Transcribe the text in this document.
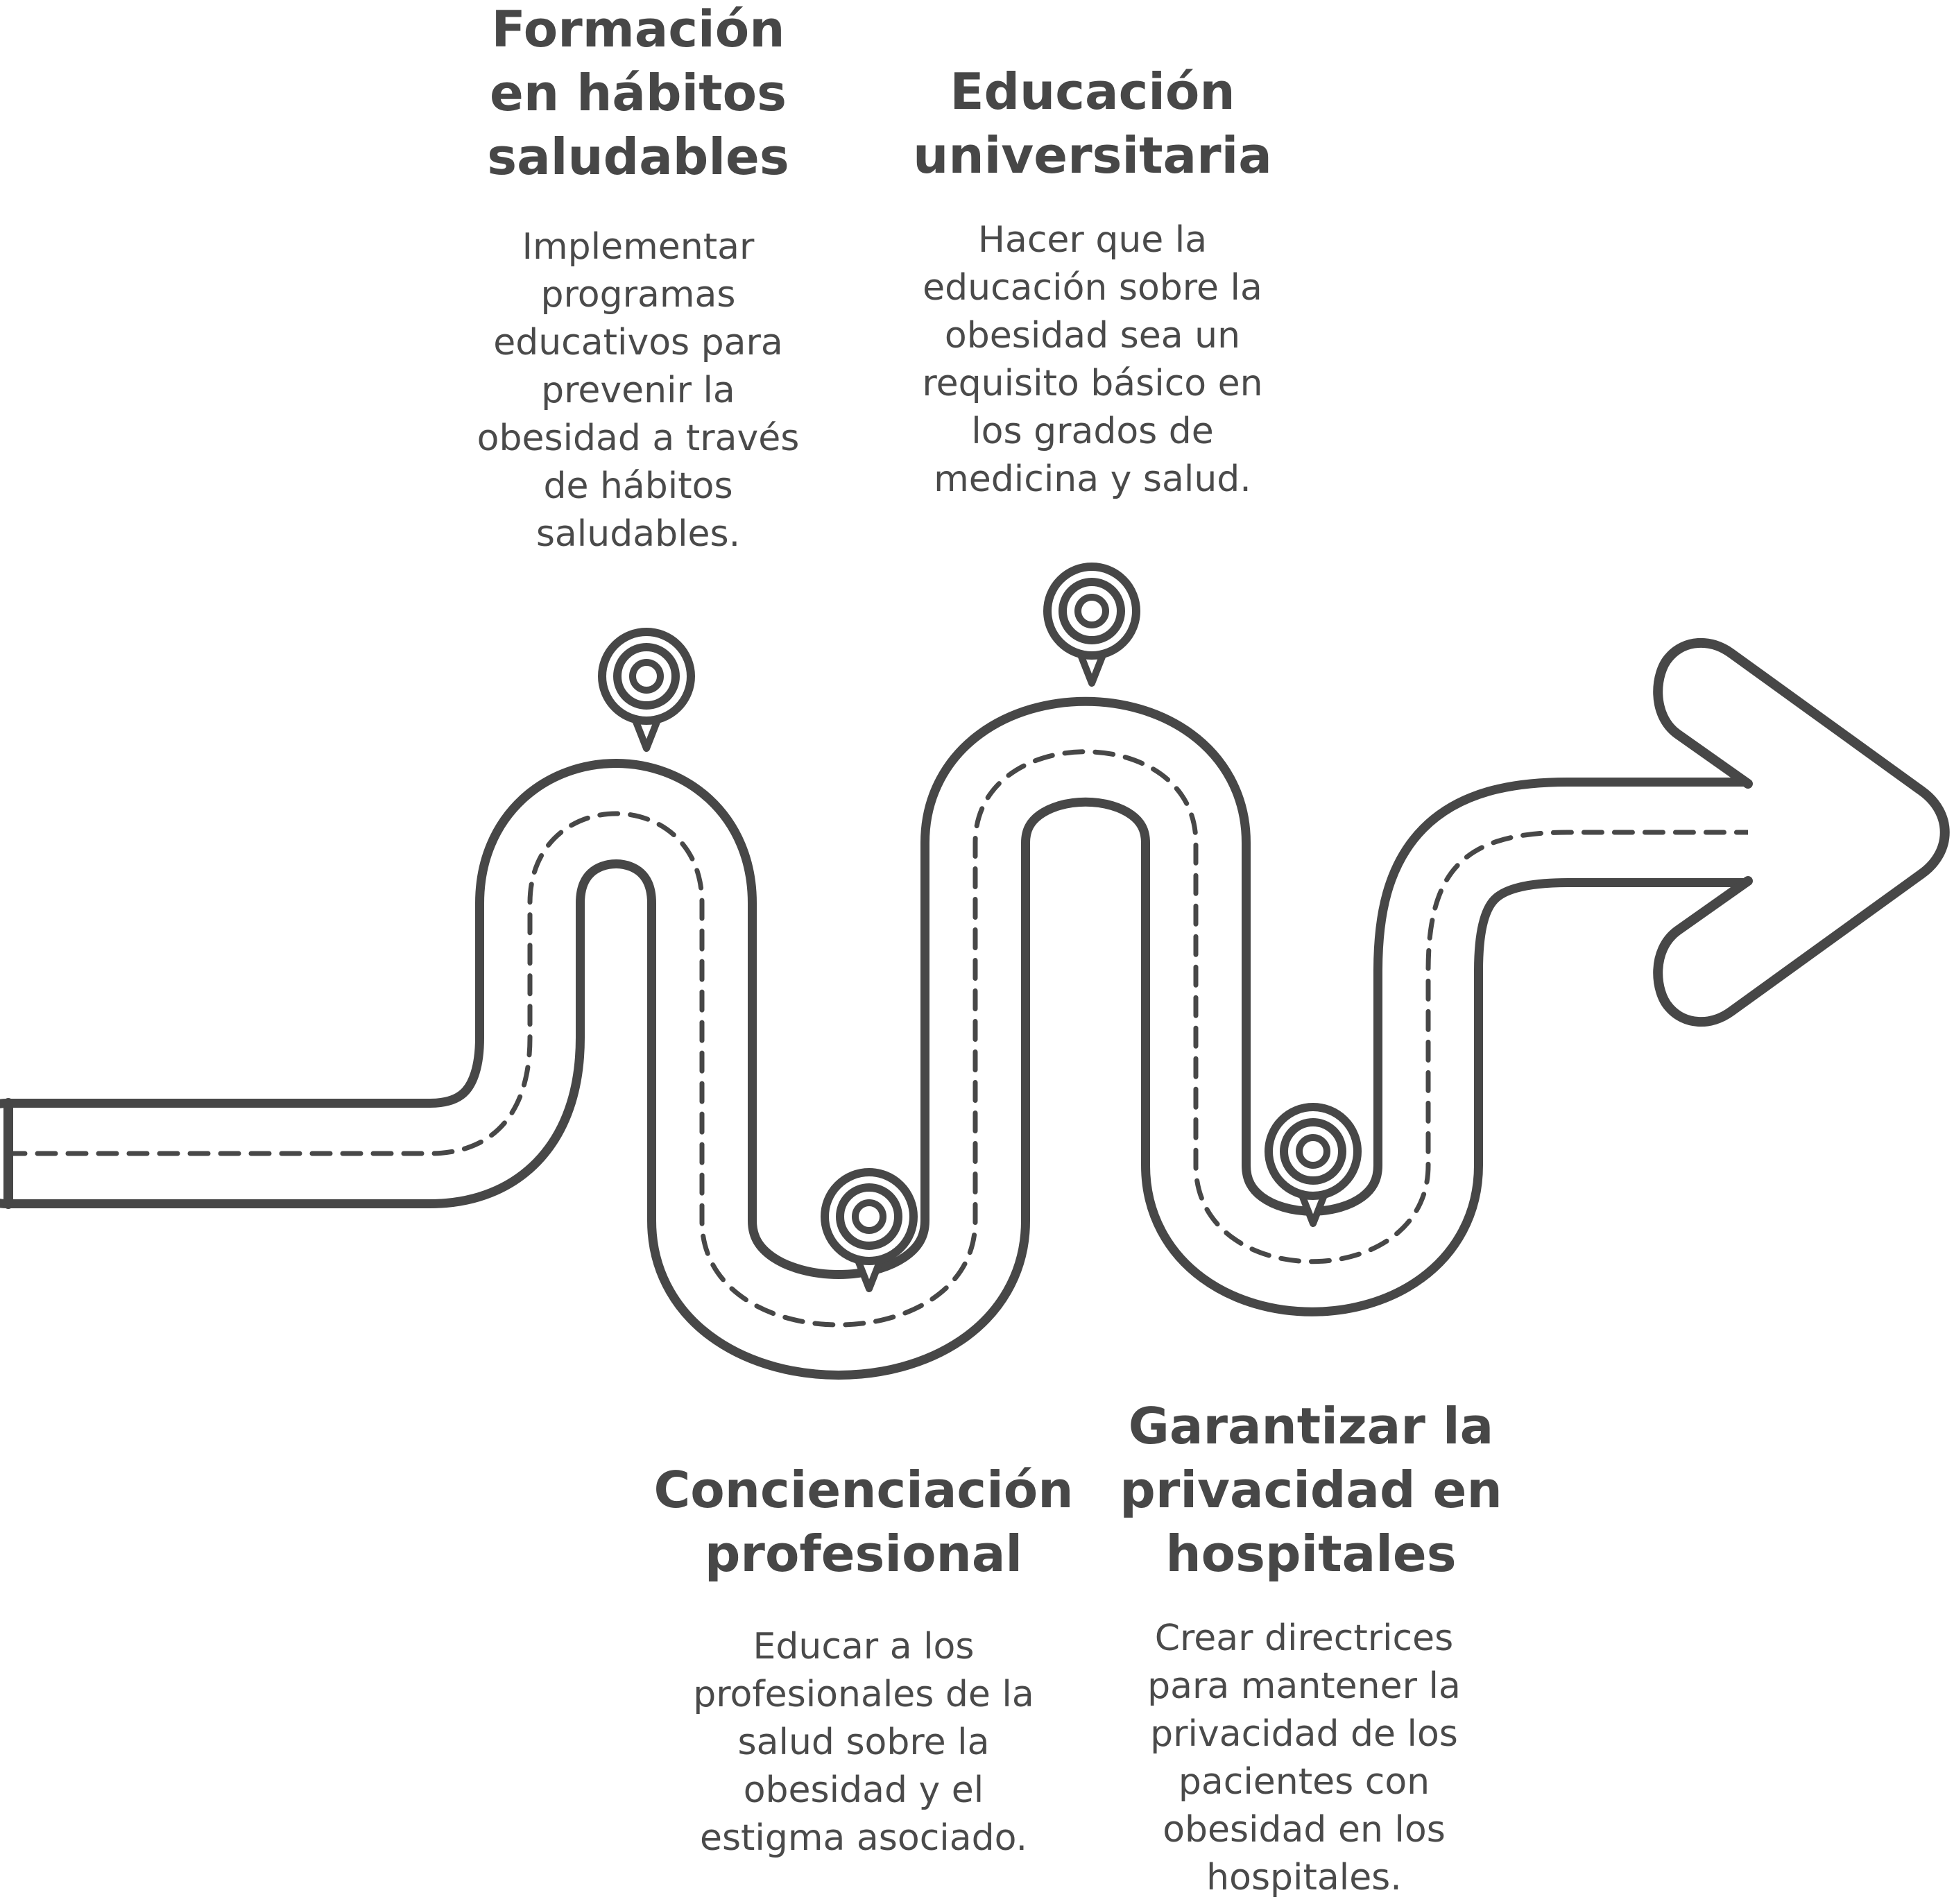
Formación
en hábitos
saludables
Implementar
programas
educativos para
prevenir la
obesidad a través
de hábitos
saludables.
Concienciación
profesional
Educar a los
profesionales de la
salud sobre la
obesidad y el
estigma asociado.
Educación
universitaria
Hacer que la
educación sobre la
obesidad sea un
requisito básico en
los grados de
medicina y salud.
Garantizar la
privacidad en
hospitales
Crear directrices
para mantener la
privacidad de los
pacientes con
obesidad en los
hospitales.
